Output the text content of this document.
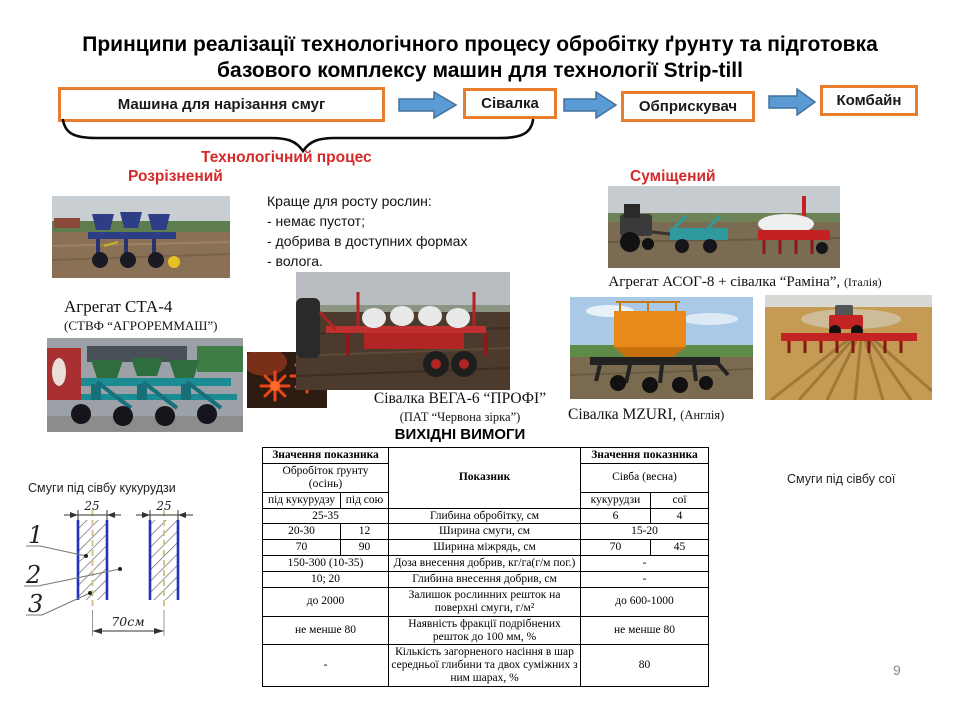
Принципи реалізації технологічного процесу обробітку ґрунту та підготовка
базового комплексу машин для технології Strip-till
Машина для нарізання смуг	Сівалка	Обприскувач	Комбайн
Технологічний процес
Розрізнений	Суміщений
Краще для росту рослин:
- немає пустот;
- добрива в доступних формах
- волога.
Агрегат СТА-4
(СТВФ “АГРОРЕММАШ”)
Сівалка ВЕГА-6 “ПРОФІ”
(ПАТ “Червона зірка”)
ВИХІДНІ ВИМОГИ
Агрегат АСОГ-8 + сівалка “Раміна”, (Італія)
Сівалка MZURI, (Англія)
Значення показника		Показник	Значення показника	
Обробіток ґрунту (осінь)			Сівба (весна)	
під кукурудзу	під сою		кукурудзи	сої
25-35		Глибина обробітку, см	6	4
20-30	12	Ширина смуги, см	15-20	
70	90	Ширина міжрядь, см	70	45
150-300 (10-35)		Доза внесення добрив, кг/га(г/м пог.)	-	
10; 20		Глибина внесення добрив, см	-	
до 2000		Залишок рослинних решток на поверхні смуги, г/м²	до 600-1000	
не менше 80		Наявність фракції подрібнених решток до 100 мм, %	не менше 80	
-		Кількість загорненого насіння в шар середньої глибини та двох суміжних з ним шарах, %	80	
Смуги під сівбу кукурудзи
25	25
70см
1
2
3
Смуги під сівбу сої
9
